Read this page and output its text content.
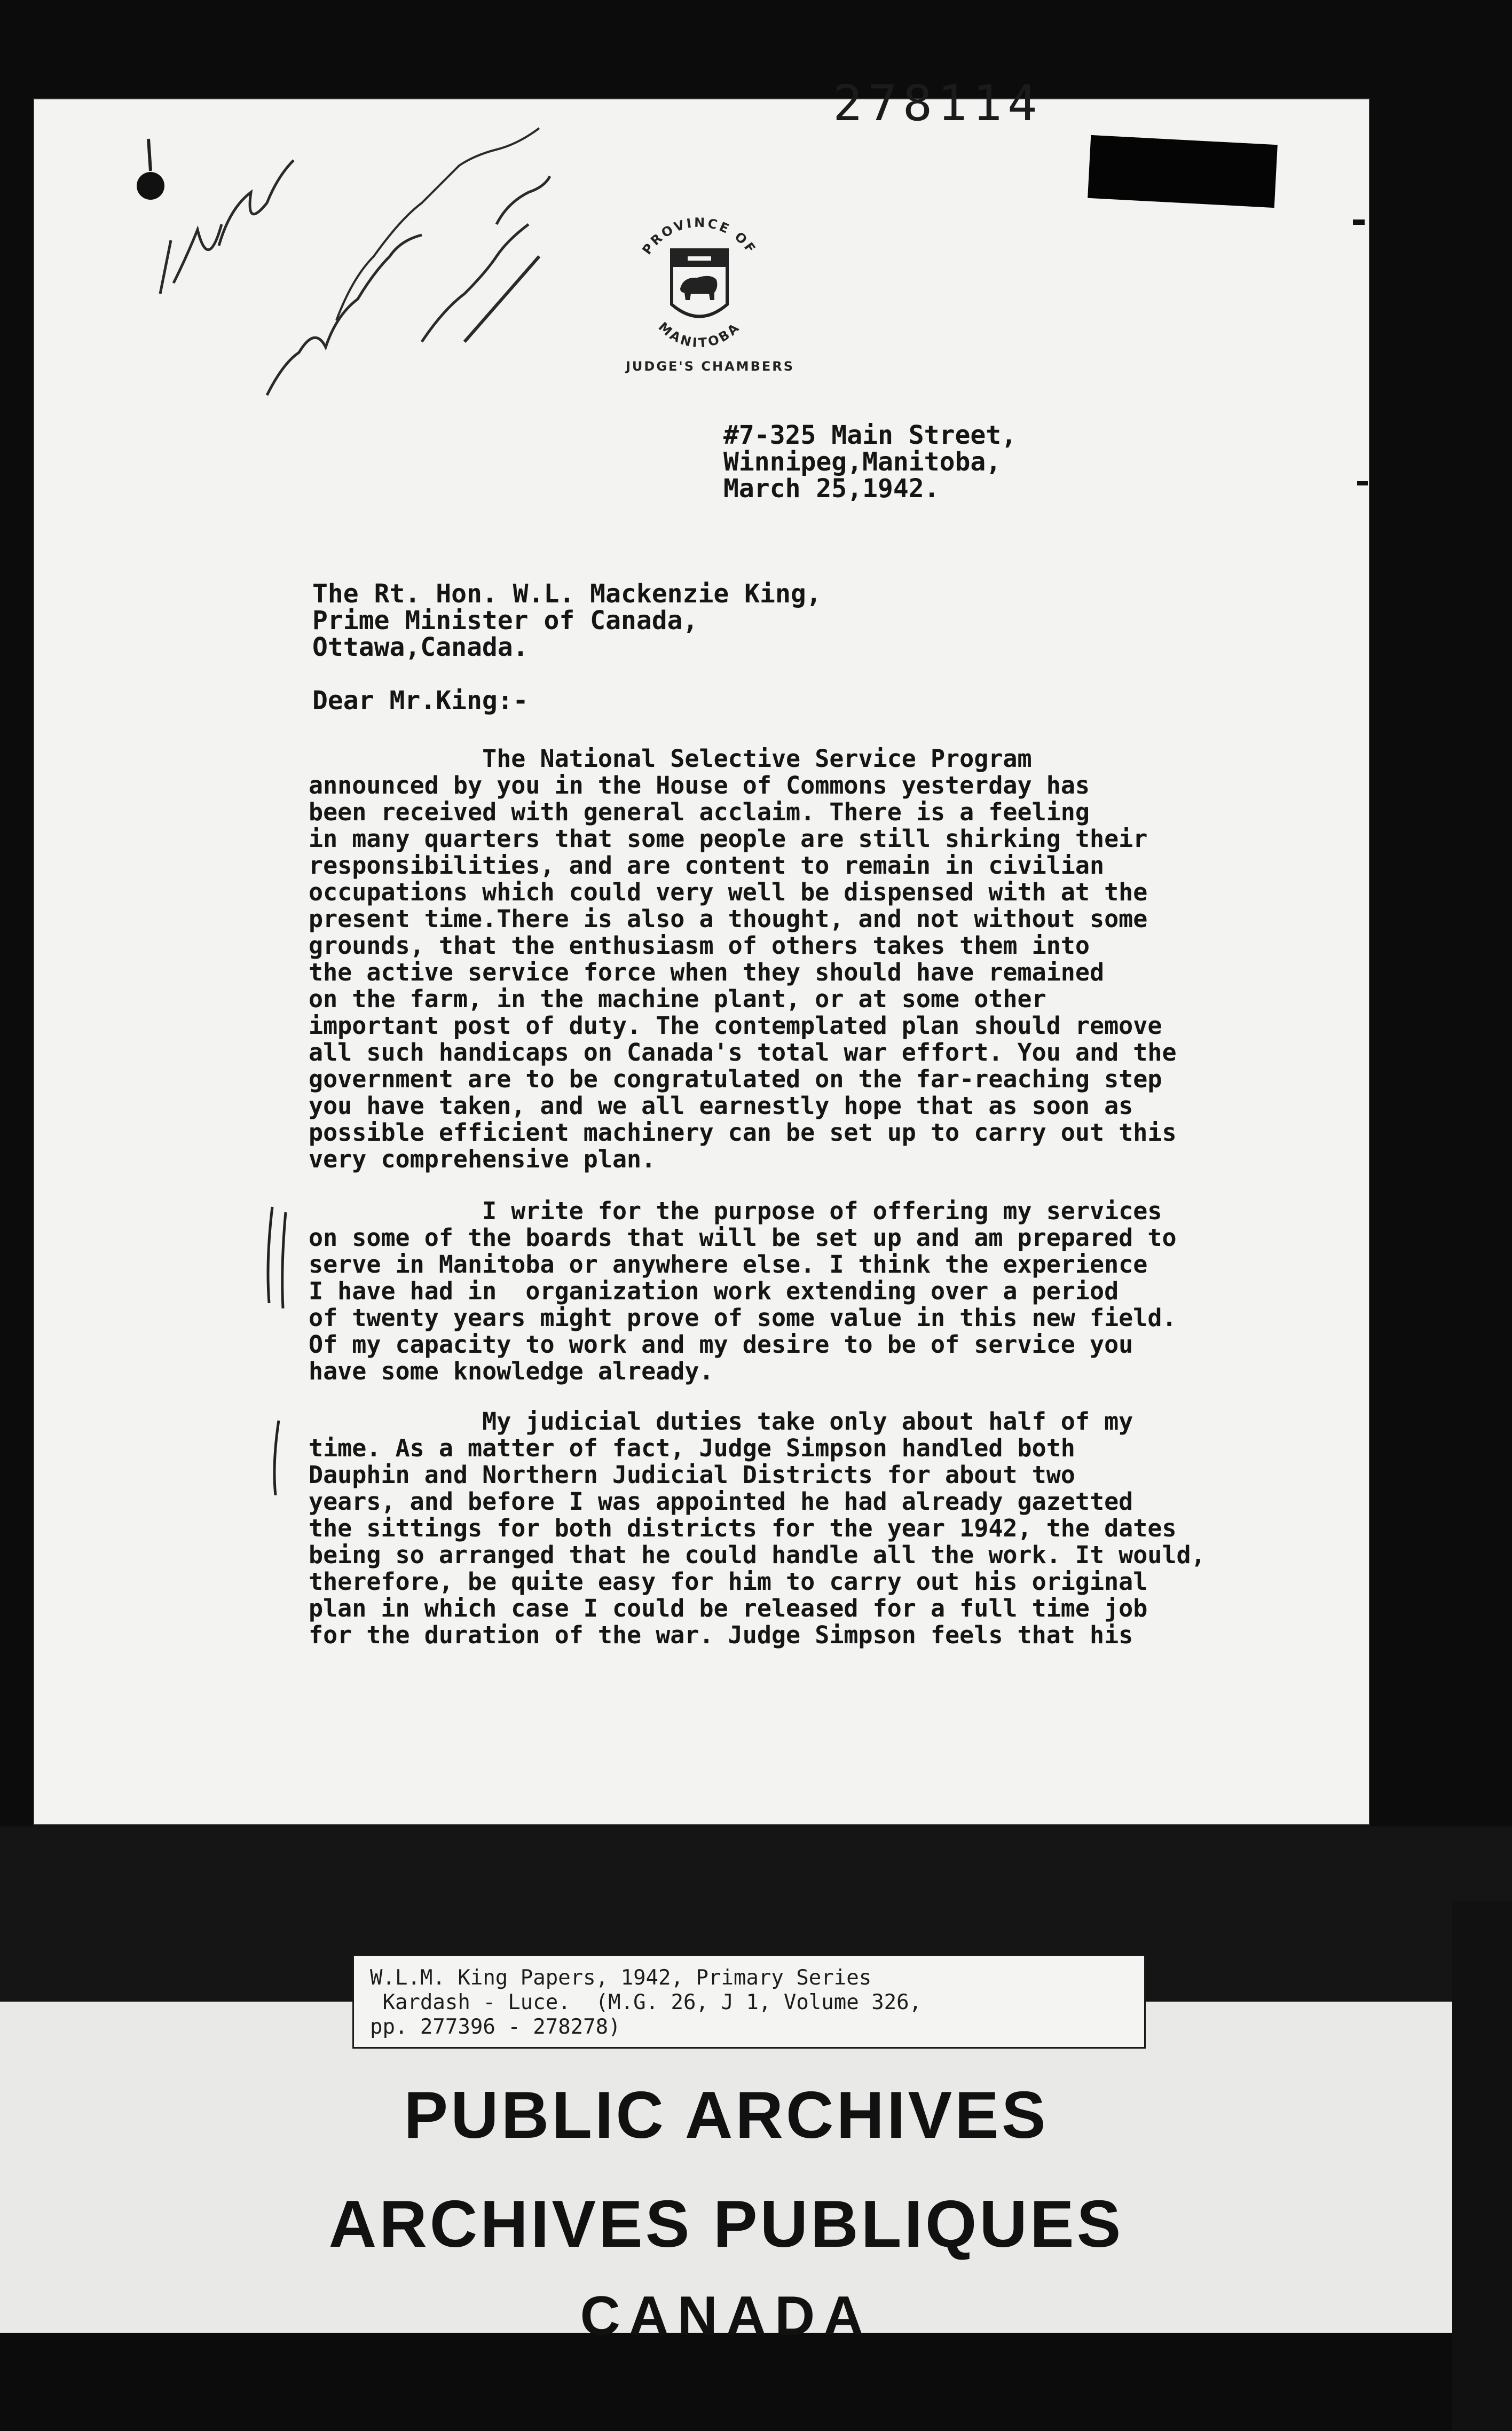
278114
PROVINCE OF
MANITOBA
JUDGE'S CHAMBERS

#7-325 Main Street,

Winnipeg,Manitoba,

March 25,1942.

The Rt. Hon. W.L. Mackenzie King,

Prime Minister of Canada,

Ottawa,Canada.

Dear Mr.King:-

The National Selective Service Program
announced by you in the House of Commons yesterday has
been received with general acclaim. There is a feeling
in many quarters that some people are still shirking their
responsibilities, and are content to remain in civilian
occupations which could very well be dispensed with at the
present time.There is also a thought, and not without some
grounds, that the enthusiasm of others takes them into
the active service force when they should have remained
on the farm, in the machine plant, or at some other
important post of duty. The contemplated plan should remove
all such handicaps on Canada's total war effort. You and the
government are to be congratulated on the far-reaching step
you have taken, and we all earnestly hope that as soon as
possible efficient machinery can be set up to carry out this
very comprehensive plan.

I write for the purpose of offering my services
on some of the boards that will be set up and am prepared to
serve in Manitoba or anywhere else. I think the experience
I have had in  organization work extending over a period
of twenty years might prove of some value in this new field.
Of my capacity to work and my desire to be of service you
have some knowledge already.

My judicial duties take only about half of my
time. As a matter of fact, Judge Simpson handled both
Dauphin and Northern Judicial Districts for about two
years, and before I was appointed he had already gazetted
the sittings for both districts for the year 1942, the dates
being so arranged that he could handle all the work. It would,
therefore, be quite easy for him to carry out his original
plan in which case I could be released for a full time job
for the duration of the war. Judge Simpson feels that his

PUBLIC ARCHIVES
ARCHIVES PUBLIQUES
CANADA
W.L.M. King Papers, 1942, Primary Series
Kardash - Luce.  (M.G. 26, J 1, Volume 326,
pp. 277396 - 278278)
